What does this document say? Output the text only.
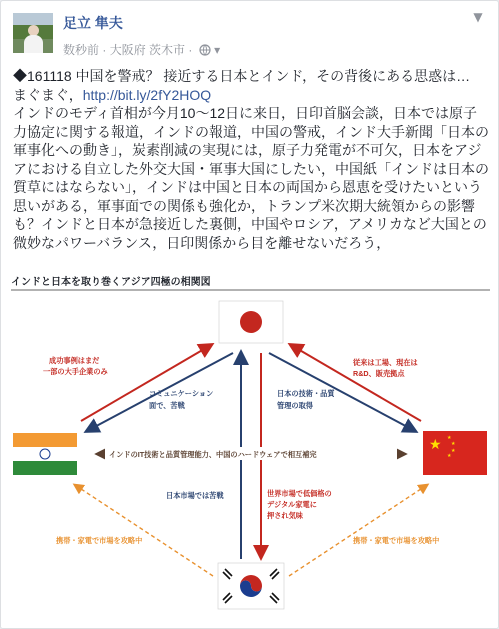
足立 隼夫
数秒前 · 大阪府 茨木市 ·  ▾
▼

◆161118 中国を警戒？ 接近する日本とインド，その背後にある思惑は…

まぐまぐ，http://bit.ly/2fY2HOQ

インドのモディ首相が今月10～12日に来日，日印首脳会談，日本では原子力協定に関する報道，インドの報道，中国の警戒，インド大手新聞「日本の軍事化への動き」，炭素削減の実現には，原子力発電が不可欠，日本をアジアにおける自立した外交大国・軍事大国にしたい，中国紙「インドは日本の質草にはならない」，インドは中国と日本の両国から恩恵を受けたいという思いがある，軍事面での関係も強化か，トランプ米次期大統領からの影響も？インドと日本が急接近した裏側，中国やロシア，アメリカなど大国との微妙なパワーバランス，日印関係から目を離せないだろう，

インドと日本を取り巻くアジア四極の相関図
★ ★
★
★
★
成功事例はまだ
一部の大手企業のみ
従来は工場、現在は
R&D、販売拠点
コミュニケーション
面で、苦戦
日本の技術・品質
管理の取得
インドのIT技術と品質管理能力、中国のハードウェアで相互補完
日本市場では苦戦	世界市場で低価格の
デジタル家電に
押され気味
携帯・家電で市場を攻略中	携帯・家電で市場を攻略中
